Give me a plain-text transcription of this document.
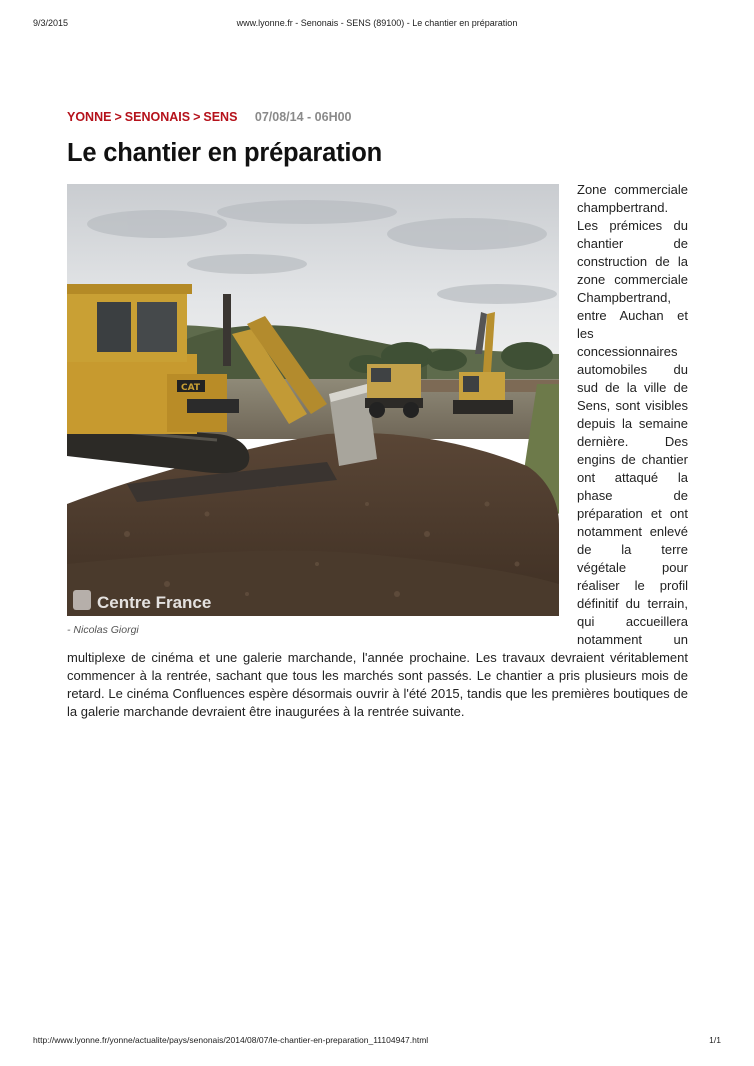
9/3/2015	www.lyonne.fr - Senonais - SENS (89100) - Le chantier en préparation
YONNE > SENONAIS > SENS 07/08/14 - 06H00
Le chantier en préparation
CAT
Centre France
- Nicolas Giorgi

Zone commerciale champbertrand. Les prémices du chantier de construction de la zone commerciale Champbertrand, entre Auchan et les concessionnaires automobiles du sud de la ville de Sens, sont visibles depuis la semaine dernière. Des engins de chantier ont attaqué la phase de préparation et ont notamment enlevé de la terre végétale pour réaliser le profil définitif du terrain, qui accueillera notamment un multiplexe de cinéma et une galerie marchande, l'année prochaine. Les travaux devraient véritablement commencer à la rentrée, sachant que tous les marchés sont passés. Le chantier a pris plusieurs mois de retard. Le cinéma Confluences espère désormais ouvrir à l'été 2015, tandis que les premières boutiques de la galerie marchande devraient être inaugurées à la rentrée suivante.

http://www.lyonne.fr/yonne/actualite/pays/senonais/2014/08/07/le-chantier-en-preparation_11104947.html	1/1
